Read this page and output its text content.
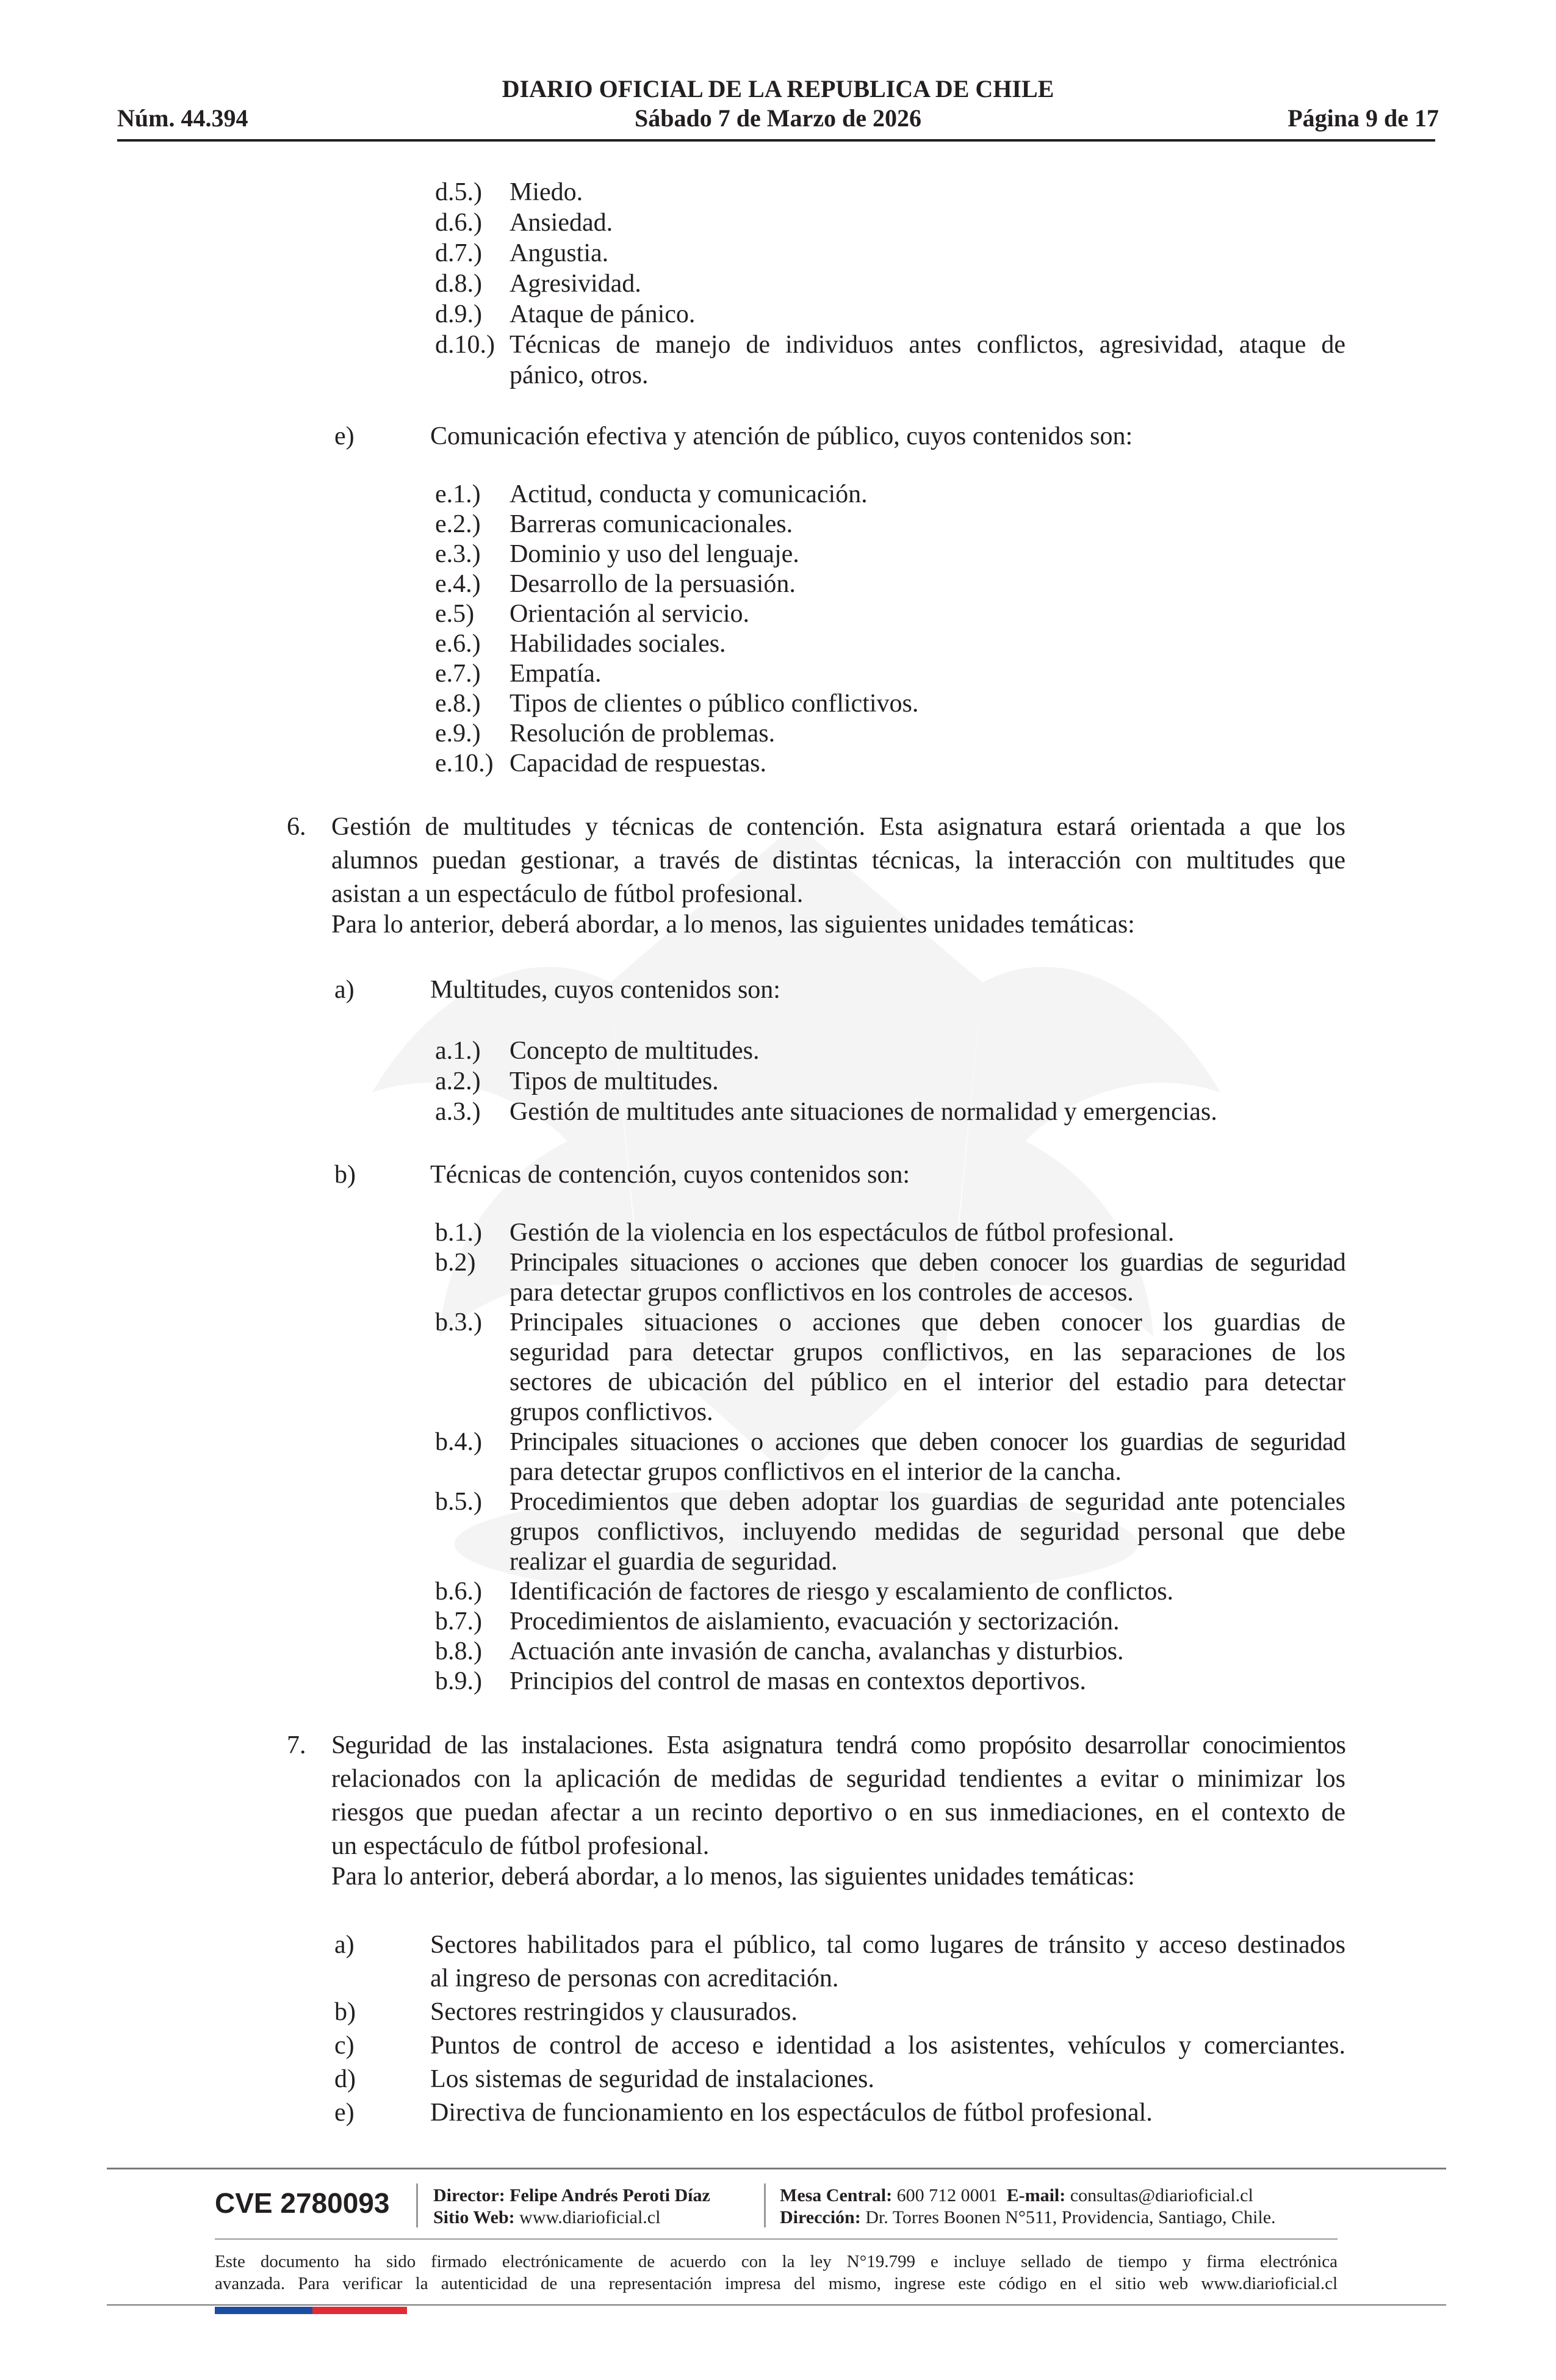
DIARIO OFICIAL DE LA REPUBLICA DE CHILE
Núm. 44.394	Sábado 7 de Marzo de 2026	Página 9 de 17
d.5.) Miedo.
d.6.) Ansiedad.
d.7.) Angustia.
d.8.) Agresividad.
d.9.) Ataque de pánico.
d.10.) Técnicas de manejo de individuos antes conflictos, agresividad, ataque de
pánico, otros.
e)	Comunicación efectiva y atención de público, cuyos contenidos son:
e.1.) Actitud, conducta y comunicación.
e.2.) Barreras comunicacionales.
e.3.) Dominio y uso del lenguaje.
e.4.) Desarrollo de la persuasión.
e.5) Orientación al servicio.
e.6.) Habilidades sociales.
e.7.) Empatía.
e.8.) Tipos de clientes o público conflictivos.
e.9.) Resolución de problemas.
e.10.) Capacidad de respuestas.
6. Gestión de multitudes y técnicas de contención. Esta asignatura estará orientada a que los
alumnos puedan gestionar, a través de distintas técnicas, la interacción con multitudes que
asistan a un espectáculo de fútbol profesional.
Para lo anterior, deberá abordar, a lo menos, las siguientes unidades temáticas:
a)	Multitudes, cuyos contenidos son:
a.1.) Concepto de multitudes.
a.2.) Tipos de multitudes.
a.3.) Gestión de multitudes ante situaciones de normalidad y emergencias.
b)	Técnicas de contención, cuyos contenidos son:
b.1.) Gestión de la violencia en los espectáculos de fútbol profesional.
b.2) Principales situaciones o acciones que deben conocer los guardias de seguridad
para detectar grupos conflictivos en los controles de accesos.
b.3.) Principales situaciones o acciones que deben conocer los guardias de
seguridad para detectar grupos conflictivos, en las separaciones de los
sectores de ubicación del público en el interior del estadio para detectar
grupos conflictivos.
b.4.) Principales situaciones o acciones que deben conocer los guardias de seguridad
para detectar grupos conflictivos en el interior de la cancha.
b.5.) Procedimientos que deben adoptar los guardias de seguridad ante potenciales
grupos conflictivos, incluyendo medidas de seguridad personal que debe
realizar el guardia de seguridad.
b.6.) Identificación de factores de riesgo y escalamiento de conflictos.
b.7.) Procedimientos de aislamiento, evacuación y sectorización.
b.8.) Actuación ante invasión de cancha, avalanchas y disturbios.
b.9.) Principios del control de masas en contextos deportivos.
7. Seguridad de las instalaciones. Esta asignatura tendrá como propósito desarrollar conocimientos
relacionados con la aplicación de medidas de seguridad tendientes a evitar o minimizar los
riesgos que puedan afectar a un recinto deportivo o en sus inmediaciones, en el contexto de
un espectáculo de fútbol profesional.
Para lo anterior, deberá abordar, a lo menos, las siguientes unidades temáticas:
a)	Sectores habilitados para el público, tal como lugares de tránsito y acceso destinados
al ingreso de personas con acreditación.
b)	Sectores restringidos y clausurados.
c)	Puntos de control de acceso e identidad a los asistentes, vehículos y comerciantes.
d)	Los sistemas de seguridad de instalaciones.
e)	Directiva de funcionamiento en los espectáculos de fútbol profesional.
CVE 2780093 Director: Felipe Andrés Peroti Díaz
Sitio Web: www.diarioficial.cl
Mesa Central: 600 712 0001 E-mail: consultas@diarioficial.cl
Dirección: Dr. Torres Boonen N°511, Providencia, Santiago, Chile.
Este documento ha sido firmado electrónicamente de acuerdo con la ley N°19.799 e incluye sellado de tiempo y firma electrónica
avanzada. Para verificar la autenticidad de una representación impresa del mismo, ingrese este código en el sitio web www.diarioficial.cl
